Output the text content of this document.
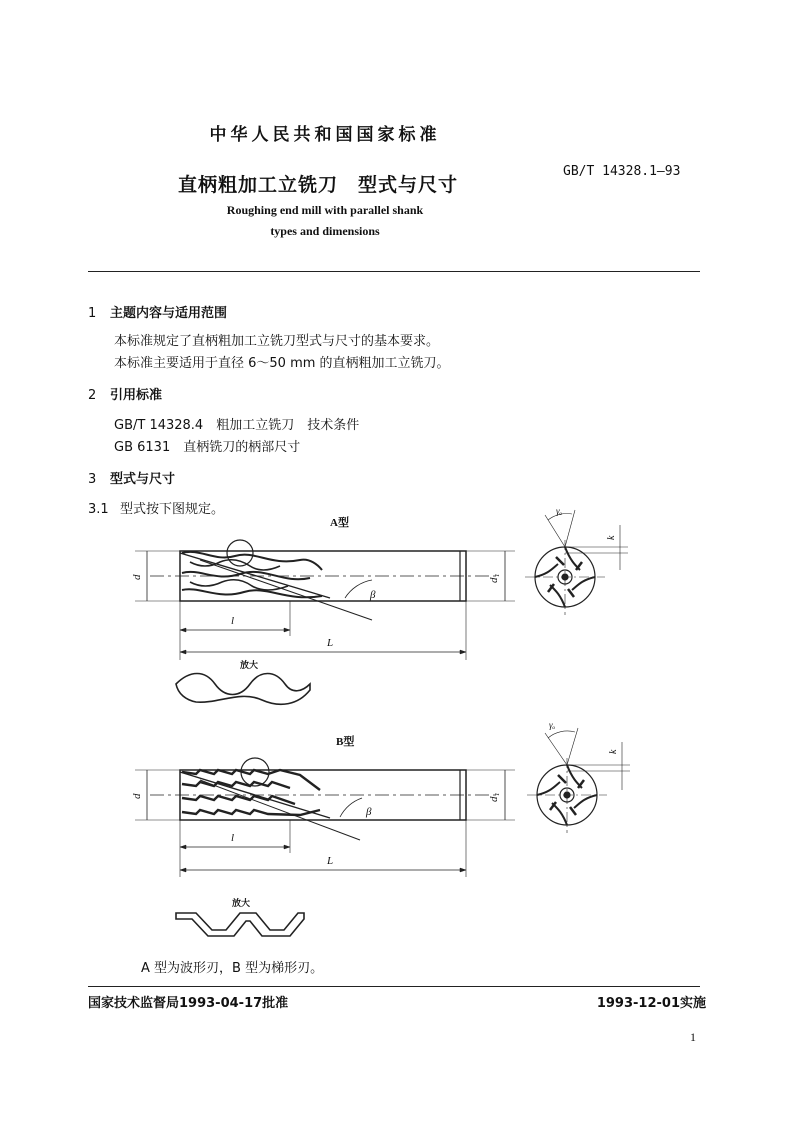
中华人民共和国国家标准
直柄粗加工立铣刀　型式与尺寸
GB/T 14328.1—93
Roughing end mill with parallel shank
types and dimensions
1 主题内容与适用范围
本标准规定了直柄粗加工立铣刀型式与尺寸的基本要求。
本标准主要适用于直径 6～50 mm 的直柄粗加工立铣刀。
2 引用标准
GB/T 14328.4　粗加工立铣刀　技术条件
GB 6131　直柄铣刀的柄部尺寸
3 型式与尺寸
3.1 型式按下图规定。
A型
B型
d	d₁
l
L
β
γₒ
k
d	d₁
l
L
β
γₒ
k
放大
放大
A 型为波形刃，B 型为梯形刃。
国家技术监督局1993-04-17批准	1993-12-01实施
1
